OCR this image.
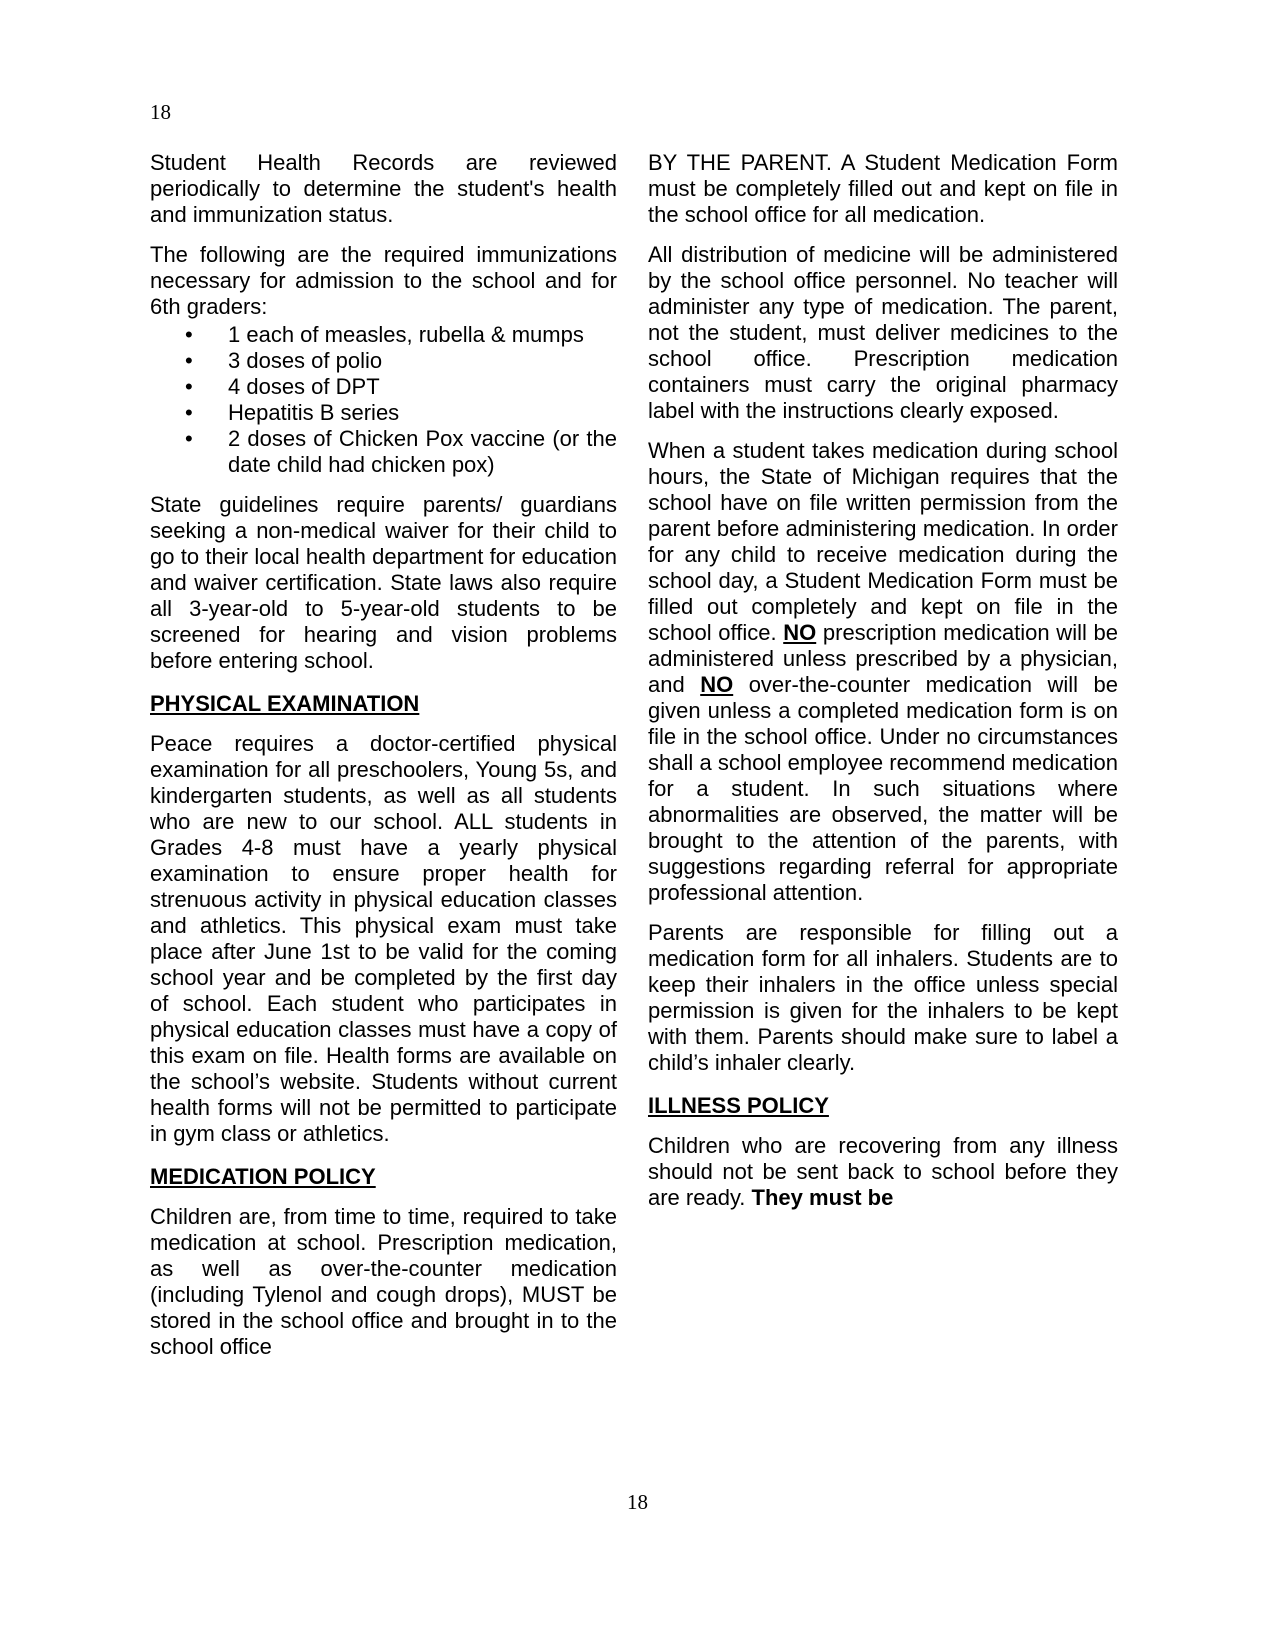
18

Student Health Records are reviewed periodically to determine the student's health and immunization status.

The following are the required immunizations necessary for admission to the school and for 6th graders:

• 1 each of measles, rubella & mumps
• 3 doses of polio
• 4 doses of DPT
• Hepatitis B series
• 2 doses of Chicken Pox vaccine (or the date child had chicken pox)

State guidelines require parents/ guardians seeking a non-medical waiver for their child to go to their local health department for education and waiver certification. State laws also require all 3-year-old to 5-year-old students to be screened for hearing and vision problems before entering school.

PHYSICAL EXAMINATION

Peace requires a doctor-certified physical examination for all preschoolers, Young 5s, and kindergarten students, as well as all students who are new to our school. ALL students in Grades 4-8 must have a yearly physical examination to ensure proper health for strenuous activity in physical education classes and athletics. This physical exam must take place after June 1st to be valid for the coming school year and be completed by the first day of school. Each student who participates in physical education classes must have a copy of this exam on file. Health forms are available on the school’s website. Students without current health forms will not be permitted to participate in gym class or athletics.

MEDICATION POLICY

Children are, from time to time, required to take medication at school. Prescription medication, as well as over-the-counter medication (including Tylenol and cough drops), MUST be stored in the school office and brought in to the school office

BY THE PARENT. A Student Medication Form must be completely filled out and kept on file in the school office for all medication.

All distribution of medicine will be administered by the school office personnel. No teacher will administer any type of medication. The parent, not the student, must deliver medicines to the school office. Prescription medication containers must carry the original pharmacy label with the instructions clearly exposed.

When a student takes medication during school hours, the State of Michigan requires that the school have on file written permission from the parent before administering medication. In order for any child to receive medication during the school day, a Student Medication Form must be filled out completely and kept on file in the school office. NO prescription medication will be administered unless prescribed by a physician, and NO over-the-counter medication will be given unless a completed medication form is on file in the school office. Under no circumstances shall a school employee recommend medication for a student. In such situations where abnormalities are observed, the matter will be brought to the attention of the parents, with suggestions regarding referral for appropriate professional attention.

Parents are responsible for filling out a medication form for all inhalers. Students are to keep their inhalers in the office unless special permission is given for the inhalers to be kept with them. Parents should make sure to label a child’s inhaler clearly.

ILLNESS POLICY

Children who are recovering from any illness should not be sent back to school before they are ready. They must be

18
